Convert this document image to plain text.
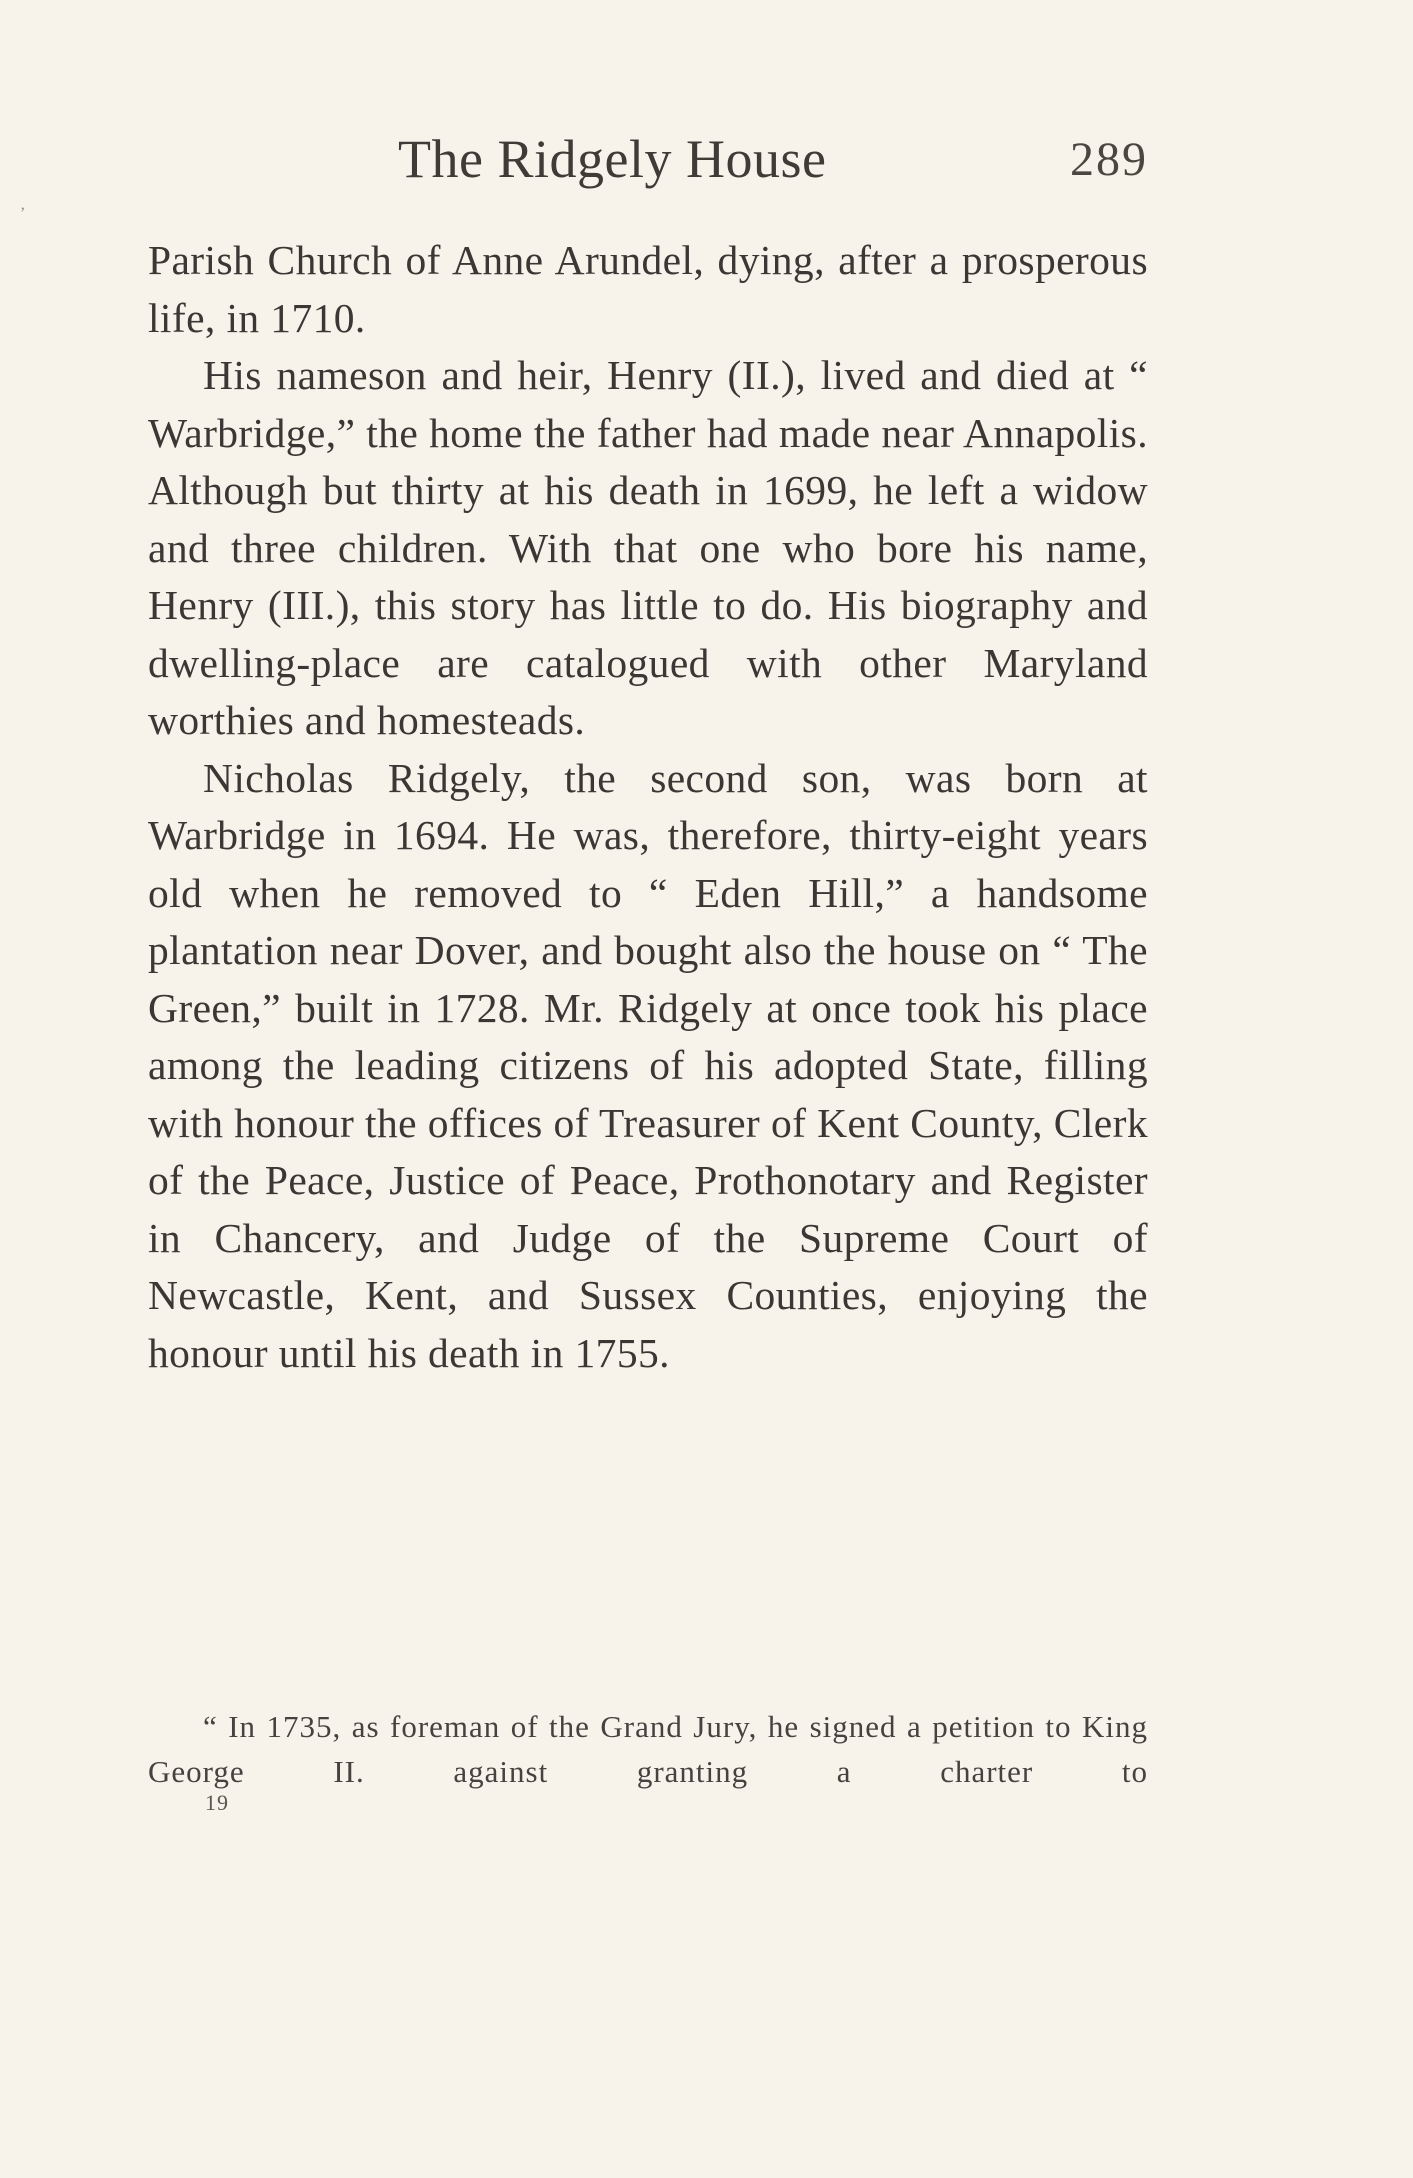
The Ridgely House	289

Parish Church of Anne Arundel, dying, after a prosperous life, in 1710.

His nameson and heir, Henry (II.), lived and died at “ Warbridge,” the home the father had made near Annapolis. Although but thirty at his death in 1699, he left a widow and three children. With that one who bore his name, Henry (III.), this story has little to do. His biography and dwelling-place are catalogued with other Maryland worthies and homesteads.

Nicholas Ridgely, the second son, was born at Warbridge in 1694. He was, therefore, thirty-eight years old when he removed to “ Eden Hill,” a handsome plantation near Dover, and bought also the house on “ The Green,” built in 1728. Mr. Ridgely at once took his place among the leading citizens of his adopted State, filling with honour the offices of Treasurer of Kent County, Clerk of the Peace, Justice of Peace, Prothonotary and Register in Chancery, and Judge of the Supreme Court of Newcastle, Kent, and Sussex Counties, enjoying the honour until his death in 1755.

“ In 1735, as foreman of the Grand Jury, he signed a petition to King George II. against granting a charter to

19
‚
